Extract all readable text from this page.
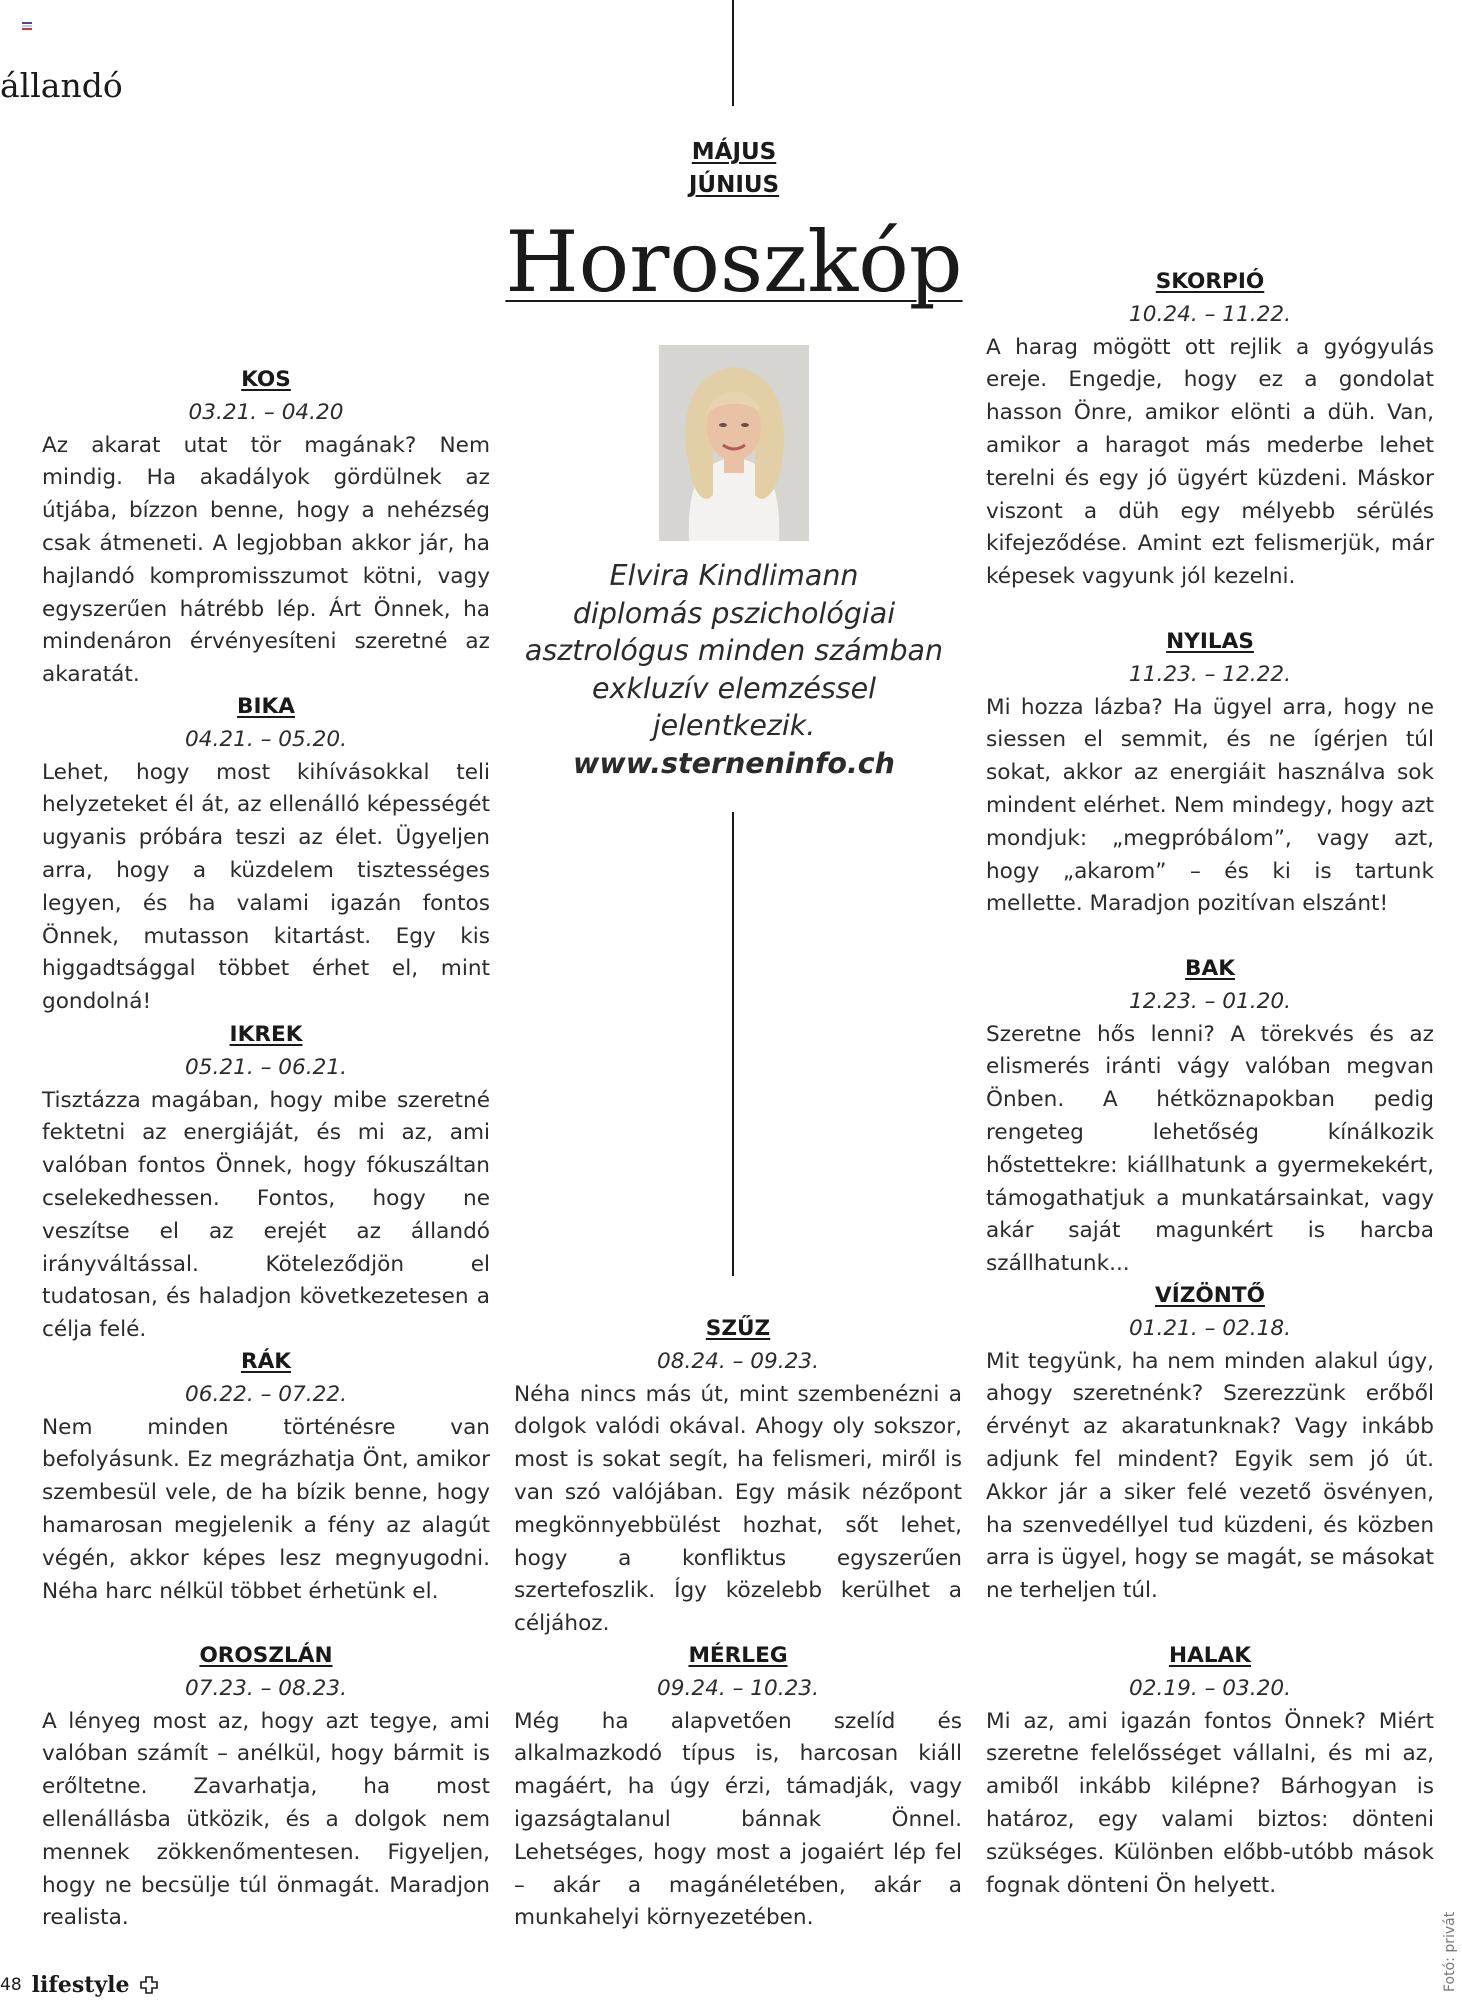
állandó
MÁJUS
JÚNIUS
Horoszkóp
Elvira Kindlimann
diplomás pszichológiai
asztrológus minden számban
exkluzív elemzéssel
jelentkezik.
www.sterneninfo.ch
KOS
03.21. – 04.20
Az akarat utat tör magának? Nem mindig. Ha akadályok gördülnek az útjába, bízzon benne, hogy a nehézség csak átmeneti. A legjobban akkor jár, ha hajlandó kompromisszumot kötni, vagy egyszerűen hátrébb lép. Árt Önnek, ha mindenáron érvényesíteni szeretné az akaratát.
BIKA
04.21. – 05.20.
Lehet, hogy most kihívásokkal teli helyzeteket él át, az ellenálló képességét ugyanis próbára teszi az élet. Ügyeljen arra, hogy a küzdelem tisztességes legyen, és ha valami igazán fontos Önnek, mutasson kitartást. Egy kis higgadtsággal többet érhet el, mint gondolná!
IKREK
05.21. – 06.21.
Tisztázza magában, hogy mibe szeretné fektetni az energiáját, és mi az, ami valóban fontos Önnek, hogy fókuszáltan cselekedhessen. Fontos, hogy ne veszítse el az erejét az állandó irányváltással. Köteleződjön el tudatosan, és haladjon következetesen a célja felé.
RÁK
06.22. – 07.22.
Nem minden történésre van befolyásunk. Ez megrázhatja Önt, amikor szembesül vele, de ha bízik benne, hogy hamarosan megjelenik a fény az alagút végén, akkor képes lesz megnyugodni. Néha harc nélkül többet érhetünk el.
OROSZLÁN
07.23. – 08.23.
A lényeg most az, hogy azt tegye, ami valóban számít – anélkül, hogy bármit is erőltetne. Zavarhatja, ha most ellenállásba ütközik, és a dolgok nem mennek zökkenőmentesen. Figyeljen, hogy ne becsülje túl önmagát. Maradjon realista.
SZŰZ
08.24. – 09.23.
Néha nincs más út, mint szembenézni a dolgok valódi okával. Ahogy oly sokszor, most is sokat segít, ha felismeri, miről is van szó valójában. Egy másik nézőpont megkönnyebbülést hozhat, sőt lehet, hogy a konfliktus egyszerűen szertefoszlik. Így közelebb kerülhet a céljához.
MÉRLEG
09.24. – 10.23.
Még ha alapvetően szelíd és alkalmazkodó típus is, harcosan kiáll magáért, ha úgy érzi, támadják, vagy igazságtalanul bánnak Önnel. Lehetséges, hogy most a jogaiért lép fel – akár a magánéletében, akár a munkahelyi környezetében.
SKORPIÓ
10.24. – 11.22.
A harag mögött ott rejlik a gyógyulás ereje. Engedje, hogy ez a gondolat hasson Önre, amikor elönti a düh. Van, amikor a haragot más mederbe lehet terelni és egy jó ügyért küzdeni. Máskor viszont a düh egy mélyebb sérülés kifejeződése. Amint ezt felismerjük, már képesek vagyunk jól kezelni.
NYILAS
11.23. – 12.22.
Mi hozza lázba? Ha ügyel arra, hogy ne siessen el semmit, és ne ígérjen túl sokat, akkor az energiáit használva sok mindent elérhet. Nem mindegy, hogy azt mondjuk: „megpróbálom”, vagy azt, hogy „akarom” – és ki is tartunk mellette. Maradjon pozitívan elszánt!
BAK
12.23. – 01.20.
Szeretne hős lenni? A törekvés és az elismerés iránti vágy valóban megvan Önben. A hétköznapokban pedig rengeteg lehetőség kínálkozik hőstettekre: kiállhatunk a gyermekekért, támogathatjuk a munkatársainkat, vagy akár saját magunkért is harcba szállhatunk...
VÍZÖNTŐ
01.21. – 02.18.
Mit tegyünk, ha nem minden alakul úgy, ahogy szeretnénk? Szerezzünk erőből érvényt az akaratunknak? Vagy inkább adjunk fel mindent? Egyik sem jó út. Akkor jár a siker felé vezető ösvényen, ha szenvedéllyel tud küzdeni, és közben arra is ügyel, hogy se magát, se másokat ne terheljen túl.
HALAK
02.19. – 03.20.
Mi az, ami igazán fontos Önnek? Miért szeretne felelősséget vállalni, és mi az, amiből inkább kilépne? Bárhogyan is határoz, egy valami biztos: dönteni szükséges. Különben előbb-utóbb mások fognak dönteni Ön helyett.
Fotó: privát
48 lifestyle
